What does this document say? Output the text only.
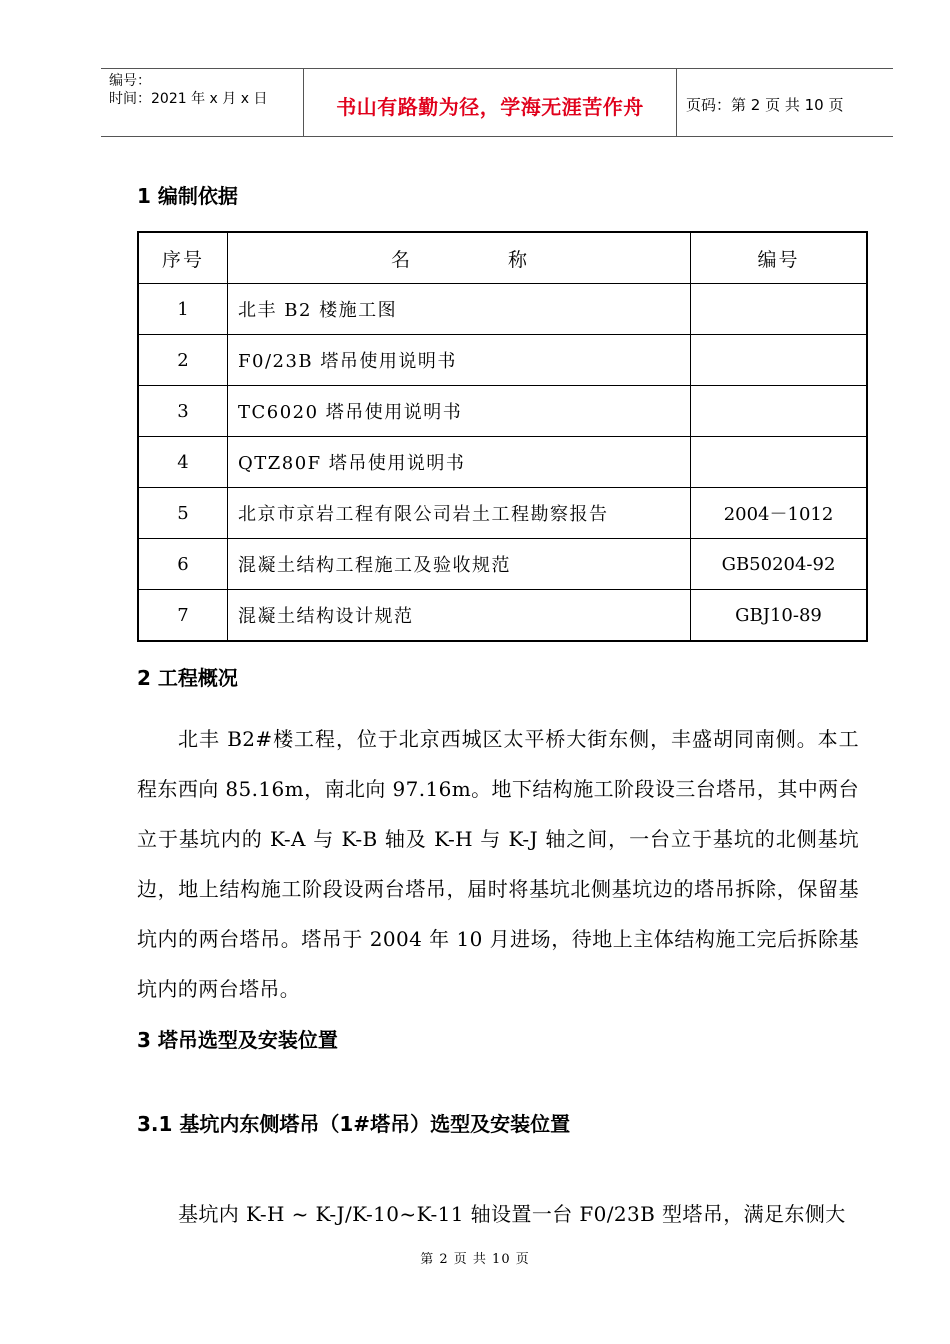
编号：
时间：2021 年 x 月 x 日	书山有路勤为径，学海无涯苦作舟	页码：第 2 页 共 10 页
1 编制依据
序号	名称	编号
1	北丰 B2 楼施工图	
2	F0/23B 塔吊使用说明书	
3	TC6020 塔吊使用说明书	
4	QTZ80F 塔吊使用说明书	
5	北京市京岩工程有限公司岩土工程勘察报告	2004－1012
6	混凝土结构工程施工及验收规范	GB50204-92
7	混凝土结构设计规范	GBJ10-89
2 工程概况
北丰 B2#楼工程，位于北京西城区太平桥大街东侧，丰盛胡同南侧。本工程东西向 85.16m，南北向 97.16m。地下结构施工阶段设三台塔吊，其中两台立于基坑内的 K-A 与 K-B 轴及 K-H 与 K-J 轴之间，一台立于基坑的北侧基坑边，地上结构施工阶段设两台塔吊，届时将基坑北侧基坑边的塔吊拆除，保留基坑内的两台塔吊。塔吊于 2004 年 10 月进场，待地上主体结构施工完后拆除基坑内的两台塔吊。
3 塔吊选型及安装位置
3.1 基坑内东侧塔吊（1#塔吊）选型及安装位置
基坑内 K-H ~ K-J/K-10~K-11 轴设置一台 F0/23B 型塔吊，满足东侧大
第 2 页 共 10 页
